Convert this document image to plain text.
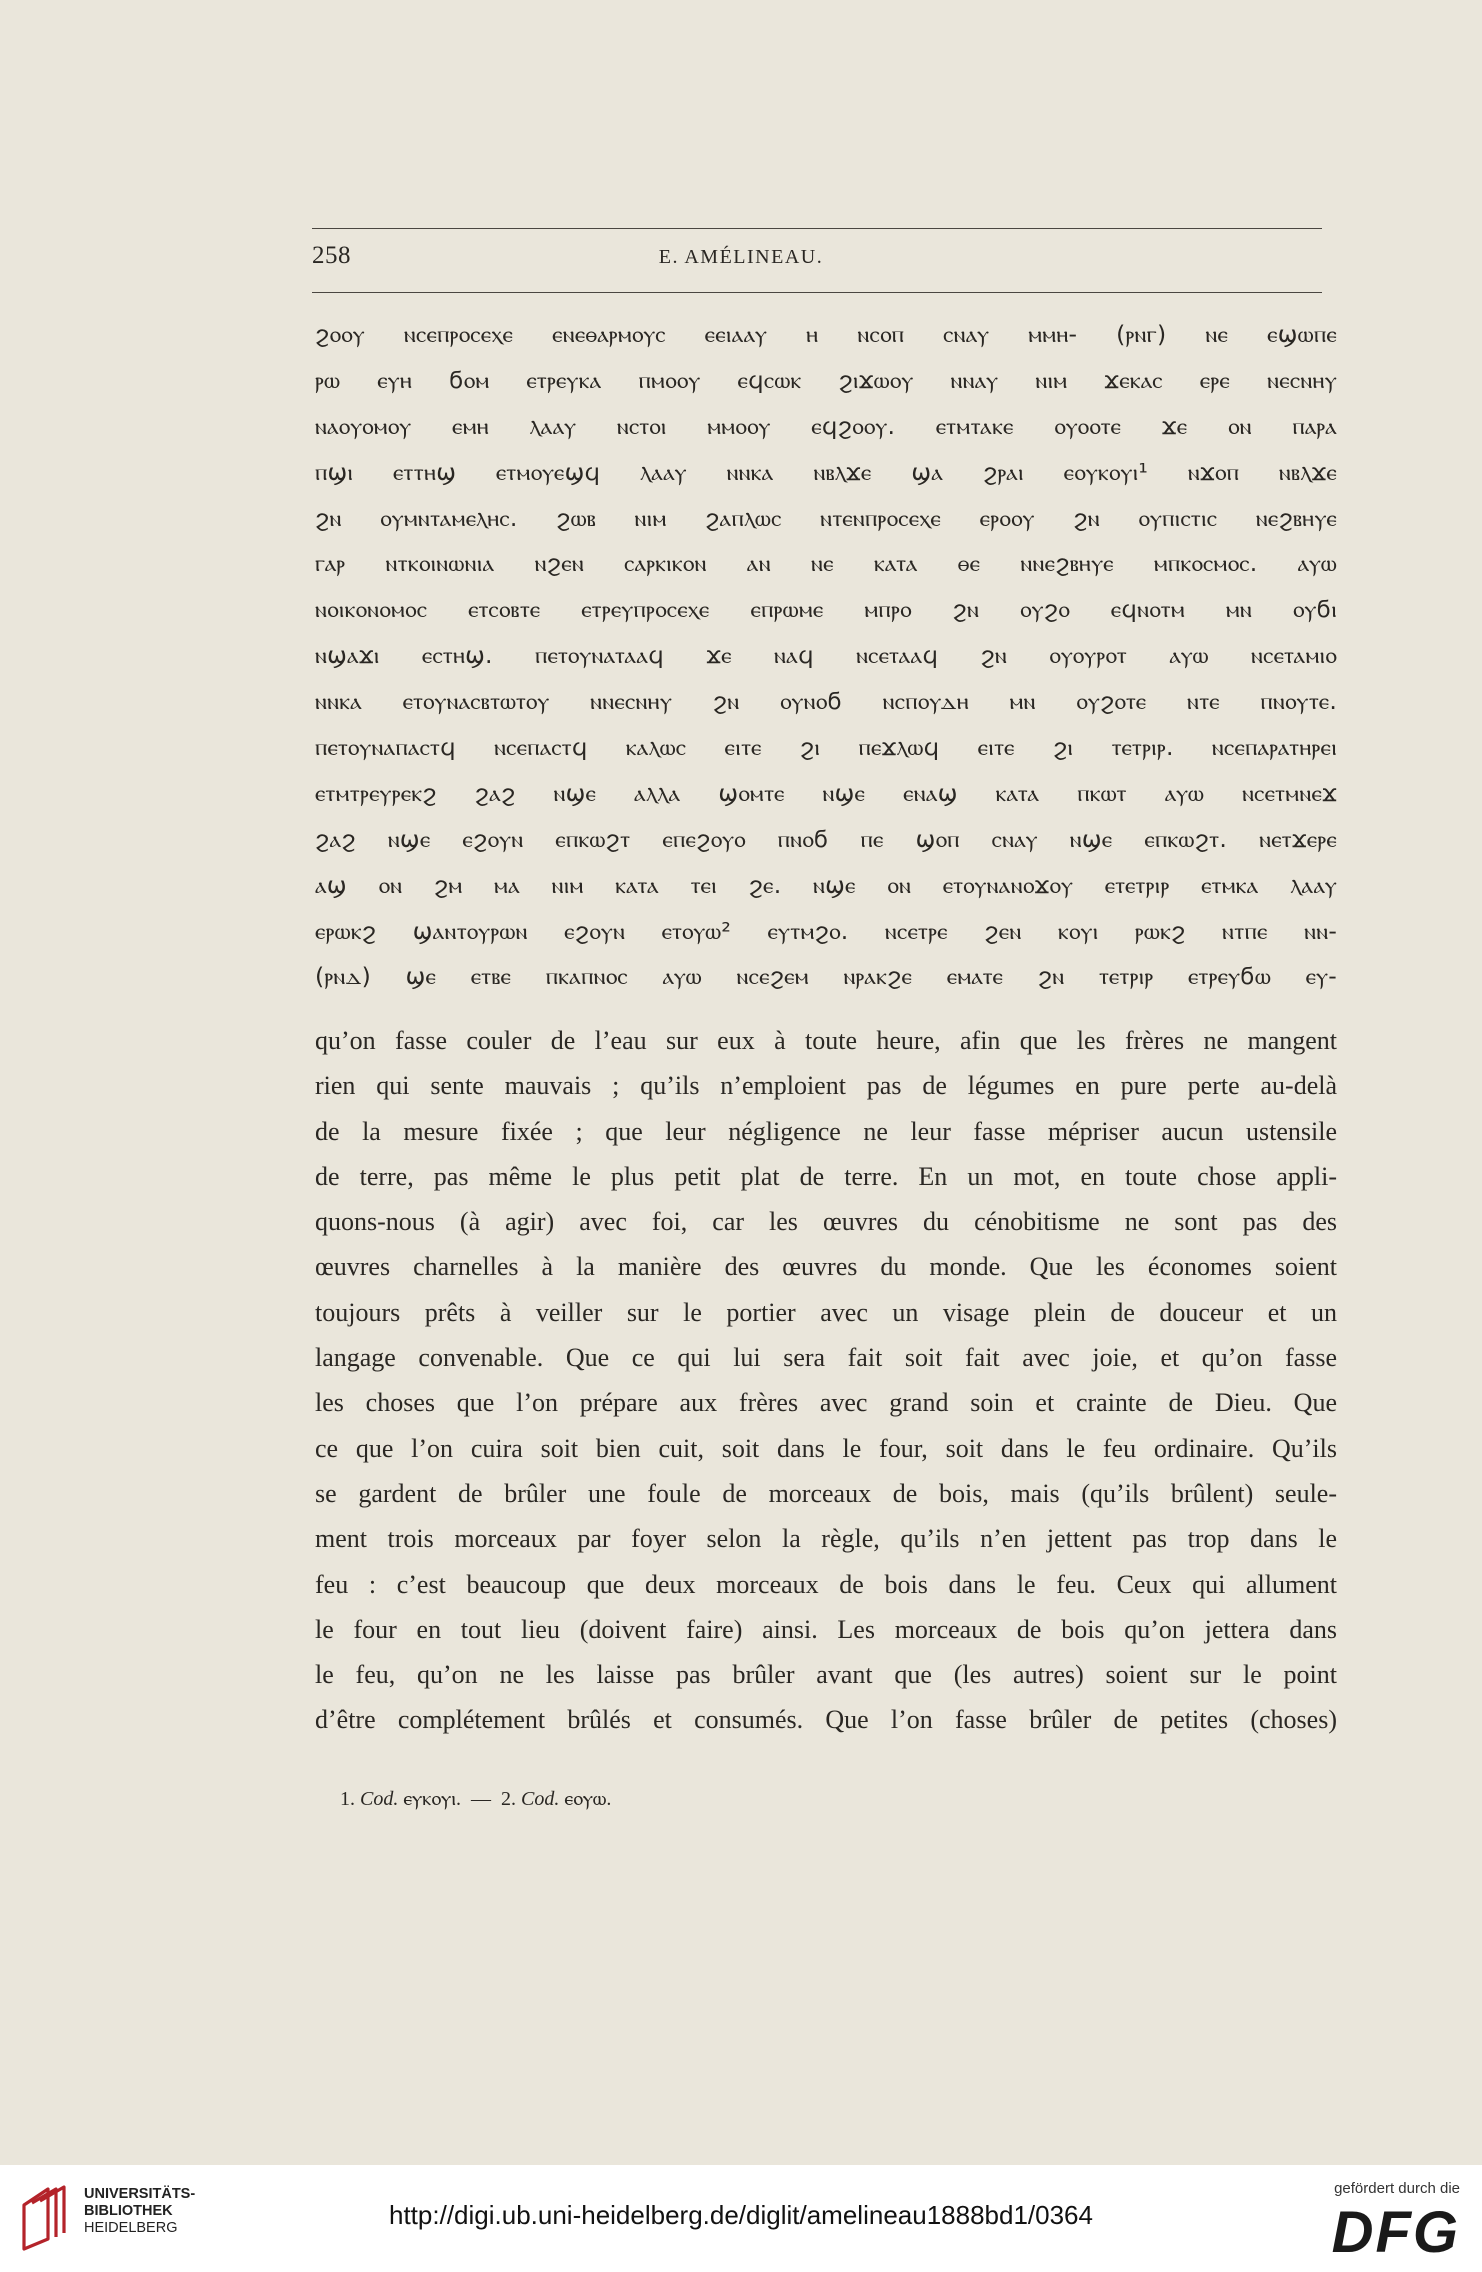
258	E. AMÉLINEAU.
ϩⲟⲟⲩ ⲛⲥⲉⲡⲣⲟⲥⲉⲭⲉ ⲉⲛⲉⲑⲁⲣⲙⲟⲩⲥ ⲉⲉⲓⲁⲁⲩ ⲏ ⲛⲥⲟⲡ ⲥⲛⲁⲩ ⲙⲙⲏ- (ⲣⲛⲅ) ⲛⲉ ⲉϣⲱⲡⲉ
ⲣⲱ ⲉⲩⲏ ϭⲟⲙ ⲉⲧⲣⲉⲩⲕⲁ ⲡⲙⲟⲟⲩ ⲉϥⲥⲱⲕ ϩⲓϫⲱⲟⲩ ⲛⲛⲁⲩ ⲛⲓⲙ ϫⲉⲕⲁⲥ ⲉⲣⲉ ⲛⲉⲥⲛⲏⲩ
ⲛⲁⲟⲩⲟⲙⲟⲩ ⲉⲙⲏ ⲗⲁⲁⲩ ⲛⲥⲧⲟⲓ ⲙⲙⲟⲟⲩ ⲉϥϩⲟⲟⲩ. ⲉⲧⲙⲧⲁⲕⲉ ⲟⲩⲟⲟⲧⲉ ϫⲉ ⲟⲛ ⲡⲁⲣⲁ
ⲡϣⲓ ⲉⲧⲧⲏϣ ⲉⲧⲙⲟⲩⲉϣϥ ⲗⲁⲁⲩ ⲛⲛⲕⲁ ⲛⲃⲗϫⲉ ϣⲁ ϩⲣⲁⲓ ⲉⲟⲩⲕⲟⲩⲓ¹ ⲛϫⲟⲡ ⲛⲃⲗϫⲉ
ϩⲛ ⲟⲩⲙⲛⲧⲁⲙⲉⲗⲏⲥ. ϩⲱⲃ ⲛⲓⲙ ϩⲁⲡⲗⲱⲥ ⲛⲧⲉⲛⲡⲣⲟⲥⲉⲭⲉ ⲉⲣⲟⲟⲩ ϩⲛ ⲟⲩⲡⲓⲥⲧⲓⲥ ⲛⲉϩⲃⲏⲩⲉ
ⲅⲁⲣ ⲛⲧⲕⲟⲓⲛⲱⲛⲓⲁ ⲛϩⲉⲛ ⲥⲁⲣⲕⲓⲕⲟⲛ ⲁⲛ ⲛⲉ ⲕⲁⲧⲁ ⲑⲉ ⲛⲛⲉϩⲃⲏⲩⲉ ⲙⲡⲕⲟⲥⲙⲟⲥ. ⲁⲩⲱ
ⲛⲟⲓⲕⲟⲛⲟⲙⲟⲥ ⲉⲧⲥⲟⲃⲧⲉ ⲉⲧⲣⲉⲩⲡⲣⲟⲥⲉⲭⲉ ⲉⲡⲣⲱⲙⲉ ⲙⲡⲣⲟ ϩⲛ ⲟⲩϩⲟ ⲉϥⲛⲟⲧⲙ ⲙⲛ ⲟⲩϭⲓ
ⲛϣⲁϫⲓ ⲉⲥⲧⲏϣ. ⲡⲉⲧⲟⲩⲛⲁⲧⲁⲁϥ ϫⲉ ⲛⲁϥ ⲛⲥⲉⲧⲁⲁϥ ϩⲛ ⲟⲩⲟⲩⲣⲟⲧ ⲁⲩⲱ ⲛⲥⲉⲧⲁⲙⲓⲟ
ⲛⲛⲕⲁ ⲉⲧⲟⲩⲛⲁⲥⲃⲧⲱⲧⲟⲩ ⲛⲛⲉⲥⲛⲏⲩ ϩⲛ ⲟⲩⲛⲟϭ ⲛⲥⲡⲟⲩⲇⲏ ⲙⲛ ⲟⲩϩⲟⲧⲉ ⲛⲧⲉ ⲡⲛⲟⲩⲧⲉ.
ⲡⲉⲧⲟⲩⲛⲁⲡⲁⲥⲧϥ ⲛⲥⲉⲡⲁⲥⲧϥ ⲕⲁⲗⲱⲥ ⲉⲓⲧⲉ ϩⲓ ⲡⲉϫⲗⲱϥ ⲉⲓⲧⲉ ϩⲓ ⲧⲉⲧⲣⲓⲣ. ⲛⲥⲉⲡⲁⲣⲁⲧⲏⲣⲉⲓ
ⲉⲧⲙⲧⲣⲉⲩⲣⲉⲕϩ ϩⲁϩ ⲛϣⲉ ⲁⲗⲗⲁ ϣⲟⲙⲧⲉ ⲛϣⲉ ⲉⲛⲁϣ ⲕⲁⲧⲁ ⲡⲕⲱⲧ ⲁⲩⲱ ⲛⲥⲉⲧⲙⲛⲉϫ
ϩⲁϩ ⲛϣⲉ ⲉϩⲟⲩⲛ ⲉⲡⲕⲱϩⲧ ⲉⲡⲉϩⲟⲩⲟ ⲡⲛⲟϭ ⲡⲉ ϣⲟⲡ ⲥⲛⲁⲩ ⲛϣⲉ ⲉⲡⲕⲱϩⲧ. ⲛⲉⲧϫⲉⲣⲉ
ⲁϣ ⲟⲛ ϩⲙ ⲙⲁ ⲛⲓⲙ ⲕⲁⲧⲁ ⲧⲉⲓ ϩⲉ. ⲛϣⲉ ⲟⲛ ⲉⲧⲟⲩⲛⲁⲛⲟϫⲟⲩ ⲉⲧⲉⲧⲣⲓⲣ ⲉⲧⲙⲕⲁ ⲗⲁⲁⲩ
ⲉⲣⲱⲕϩ ϣⲁⲛⲧⲟⲩⲣⲱⲛ ⲉϩⲟⲩⲛ ⲉⲧⲟⲩⲱ² ⲉⲩⲧⲙϩⲟ. ⲛⲥⲉⲧⲣⲉ ϩⲉⲛ ⲕⲟⲩⲓ ⲣⲱⲕϩ ⲛⲧⲡⲉ ⲛⲛ-
(ⲣⲛⲇ) ϣⲉ ⲉⲧⲃⲉ ⲡⲕⲁⲡⲛⲟⲥ ⲁⲩⲱ ⲛⲥⲉϩⲉⲙ ⲛⲣⲁⲕϩⲉ ⲉⲙⲁⲧⲉ ϩⲛ ⲧⲉⲧⲣⲓⲣ ⲉⲧⲣⲉⲩϭⲱ ⲉⲩ-
qu’on fasse couler de l’eau sur eux à toute heure, afin que les frères ne mangent
rien qui sente mauvais ; qu’ils n’emploient pas de légumes en pure perte au-delà
de la mesure fixée ; que leur négligence ne leur fasse mépriser aucun ustensile
de terre, pas même le plus petit plat de terre. En un mot, en toute chose appli-
quons-nous (à agir) avec foi, car les œuvres du cénobitisme ne sont pas des
œuvres charnelles à la manière des œuvres du monde. Que les économes soient
toujours prêts à veiller sur le portier avec un visage plein de douceur et un
langage convenable. Que ce qui lui sera fait soit fait avec joie, et qu’on fasse
les choses que l’on prépare aux frères avec grand soin et crainte de Dieu. Que
ce que l’on cuira soit bien cuit, soit dans le four, soit dans le feu ordinaire. Qu’ils
se gardent de brûler une foule de morceaux de bois, mais (qu’ils brûlent) seule-
ment trois morceaux par foyer selon la règle, qu’ils n’en jettent pas trop dans le
feu : c’est beaucoup que deux morceaux de bois dans le feu. Ceux qui allument
le four en tout lieu (doivent faire) ainsi. Les morceaux de bois qu’on jettera dans
le feu, qu’on ne les laisse pas brûler avant que (les autres) soient sur le point
d’être complétement brûlés et consumés. Que l’on fasse brûler de petites (choses)
1. Cod. ⲉⲩⲕⲟⲩⲓ. — 2. Cod. ⲉⲟⲩⲱ.
UNIVERSITÄTS-
BIBLIOTHEK
HEIDELBERG	http://digi.ub.uni-heidelberg.de/diglit/amelineau1888bd1/0364
gefördert durch die
DFG
